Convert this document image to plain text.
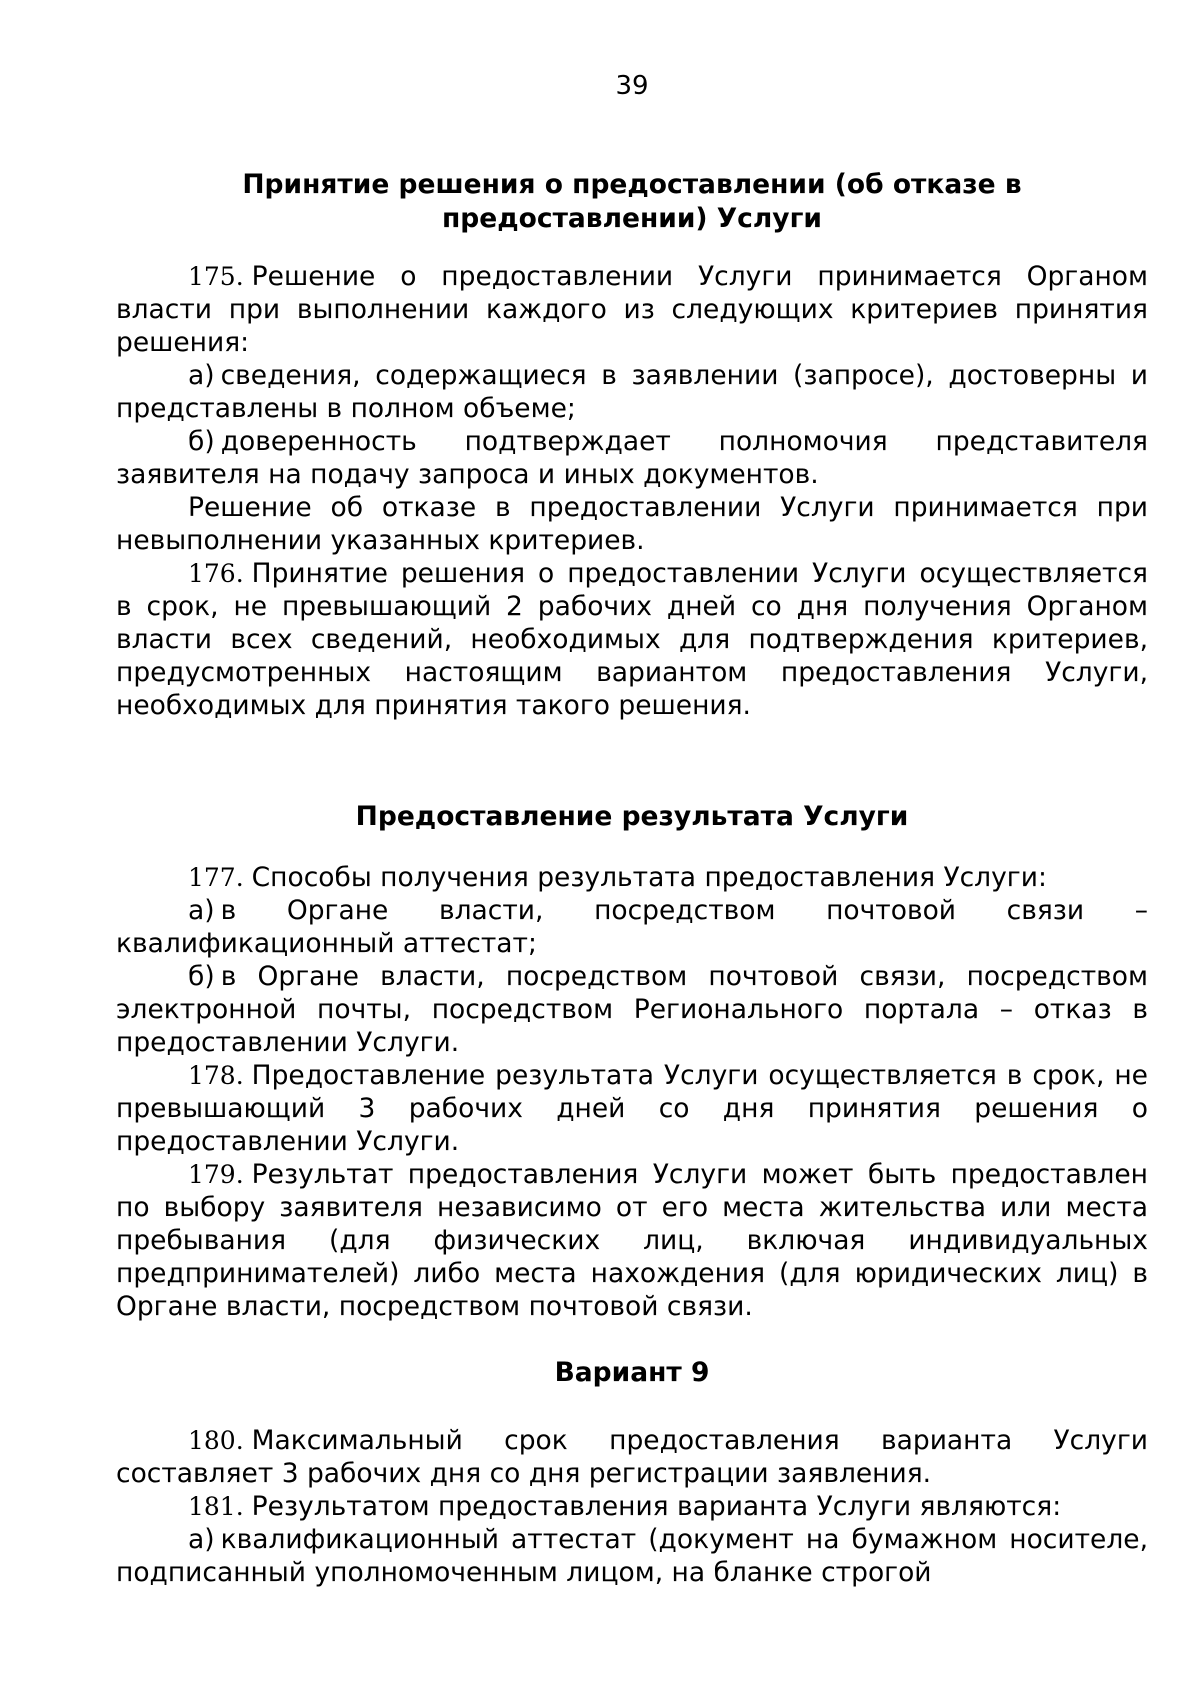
39
Принятие решения о предоставлении (об отказе в предоставлении) Услуги

175. Решение о предоставлении Услуги принимается Органом власти при выполнении каждого из следующих критериев принятия решения:

а) сведения, содержащиеся в заявлении (запросе), достоверны и представлены в полном объеме;

б) доверенность подтверждает полномочия представителя заявителя на подачу запроса и иных документов.

Решение об отказе в предоставлении Услуги принимается при невыполнении указанных критериев.

176. Принятие решения о предоставлении Услуги осуществляется в срок, не превышающий 2 рабочих дней со дня получения Органом власти всех сведений, необходимых для подтверждения критериев, предусмотренных настоящим вариантом предоставления Услуги, необходимых для принятия такого решения.

Предоставление результата Услуги

177. Способы получения результата предоставления Услуги:

а) в Органе власти, посредством почтовой связи – квалификационный аттестат;

б) в Органе власти, посредством почтовой связи, посредством электронной почты, посредством Регионального портала – отказ в предоставлении Услуги.

178. Предоставление результата Услуги осуществляется в срок, не превышающий 3 рабочих дней со дня принятия решения о предоставлении Услуги.

179. Результат предоставления Услуги может быть предоставлен по выбору заявителя независимо от его места жительства или места пребывания (для физических лиц, включая индивидуальных предпринимателей) либо места нахождения (для юридических лиц) в Органе власти, посредством почтовой связи.

Вариант 9

180. Максимальный срок предоставления варианта Услуги составляет 3 рабочих дня со дня регистрации заявления.

181. Результатом предоставления варианта Услуги являются:

а) квалификационный аттестат (документ на бумажном носителе, подписанный уполномоченным лицом, на бланке строгой
